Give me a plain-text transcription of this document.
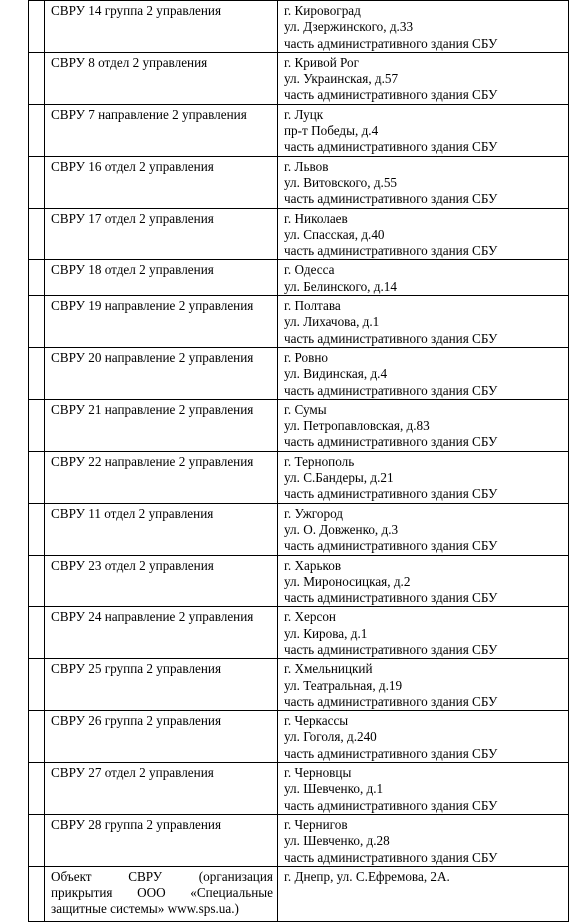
	СВРУ 14 группа 2 управления	г. Кировоград
ул. Дзержинского, д.33
часть административного здания СБУ

	СВРУ 8 отдел 2 управления	г. Кривой Рог
ул. Украинская, д.57
часть административного здания СБУ

	СВРУ 7 направление 2 управления	г. Луцк
пр-т Победы, д.4
часть административного здания СБУ

	СВРУ 16 отдел 2 управления	г. Львов
ул. Витовского, д.55
часть административного здания СБУ

	СВРУ 17 отдел 2 управления	г. Николаев
ул. Спасская, д.40
часть административного здания СБУ

	СВРУ 18 отдел 2 управления	г. Одесса
ул. Белинского, д.14

	СВРУ 19 направление 2 управления	г. Полтава
ул. Лихачова, д.1
часть административного здания СБУ

	СВРУ 20 направление 2 управления	г. Ровно
ул. Видинская, д.4
часть административного здания СБУ

	СВРУ 21 направление 2 управления	г. Сумы
ул. Петропавловская, д.83
часть административного здания СБУ

	СВРУ 22 направление 2 управления	г. Тернополь
ул. С.Бандеры, д.21
часть административного здания СБУ

	СВРУ 11 отдел 2 управления	г. Ужгород
ул. О. Довженко, д.3
часть административного здания СБУ

	СВРУ 23 отдел 2 управления	г. Харьков
ул. Мироносицкая, д.2
часть административного здания СБУ

	СВРУ 24 направление 2 управления	г. Херсон
ул. Кирова, д.1
часть административного здания СБУ

	СВРУ 25 группа 2 управления	г. Хмельницкий
ул. Театральная, д.19
часть административного здания СБУ

	СВРУ 26 группа 2 управления	г. Черкассы
ул. Гоголя, д.240
часть административного здания СБУ

	СВРУ 27 отдел 2 управления	г. Черновцы
ул. Шевченко, д.1
часть административного здания СБУ

	СВРУ 28 группа 2 управления	г. Чернигов
ул. Шевченко, д.28
часть административного здания СБУ

	Объект СВРУ (организация
прикрытия ООО «Специальные
защитные системы» www.sps.ua.)	г. Днепр, ул. С.Ефремова, 2А.
